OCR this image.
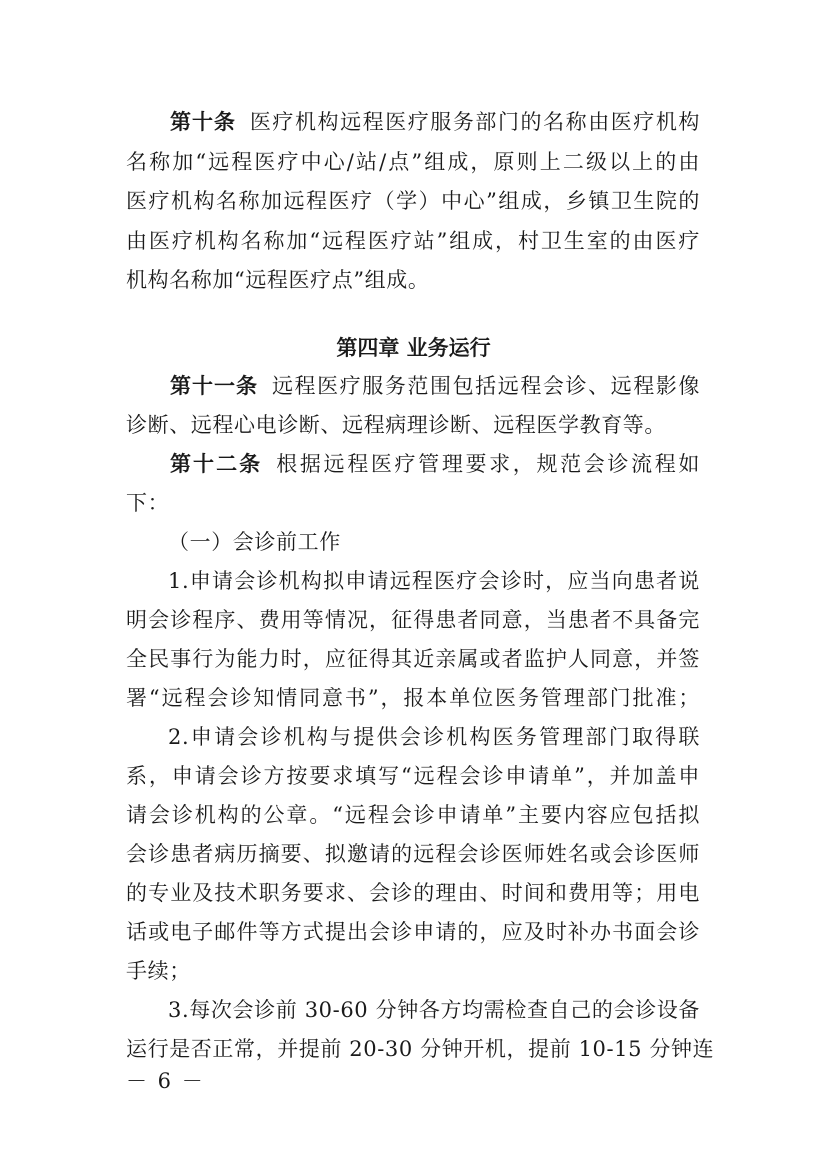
第十条 医疗机构远程医疗服务部门的名称由医疗机构
名称加“远程医疗中心/站/点”组成，原则上二级以上的由
医疗机构名称加远程医疗（学）中心”组成，乡镇卫生院的
由医疗机构名称加“远程医疗站”组成，村卫生室的由医疗
机构名称加“远程医疗点”组成。
第四章 业务运行
第十一条 远程医疗服务范围包括远程会诊、远程影像
诊断、远程心电诊断、远程病理诊断、远程医学教育等。
第十二条 根据远程医疗管理要求，规范会诊流程如
下：
（一）会诊前工作
1.申请会诊机构拟申请远程医疗会诊时，应当向患者说
明会诊程序、费用等情况，征得患者同意，当患者不具备完
全民事行为能力时，应征得其近亲属或者监护人同意，并签
署“远程会诊知情同意书”，报本单位医务管理部门批准；
2.申请会诊机构与提供会诊机构医务管理部门取得联
系，申请会诊方按要求填写“远程会诊申请单”，并加盖申
请会诊机构的公章。“远程会诊申请单”主要内容应包括拟
会诊患者病历摘要、拟邀请的远程会诊医师姓名或会诊医师
的专业及技术职务要求、会诊的理由、时间和费用等；用电
话或电子邮件等方式提出会诊申请的，应及时补办书面会诊
手续；
3.每次会诊前 30-60 分钟各方均需检查自己的会诊设备
运行是否正常，并提前 20-30 分钟开机，提前 10-15 分钟连
－ 6 －
